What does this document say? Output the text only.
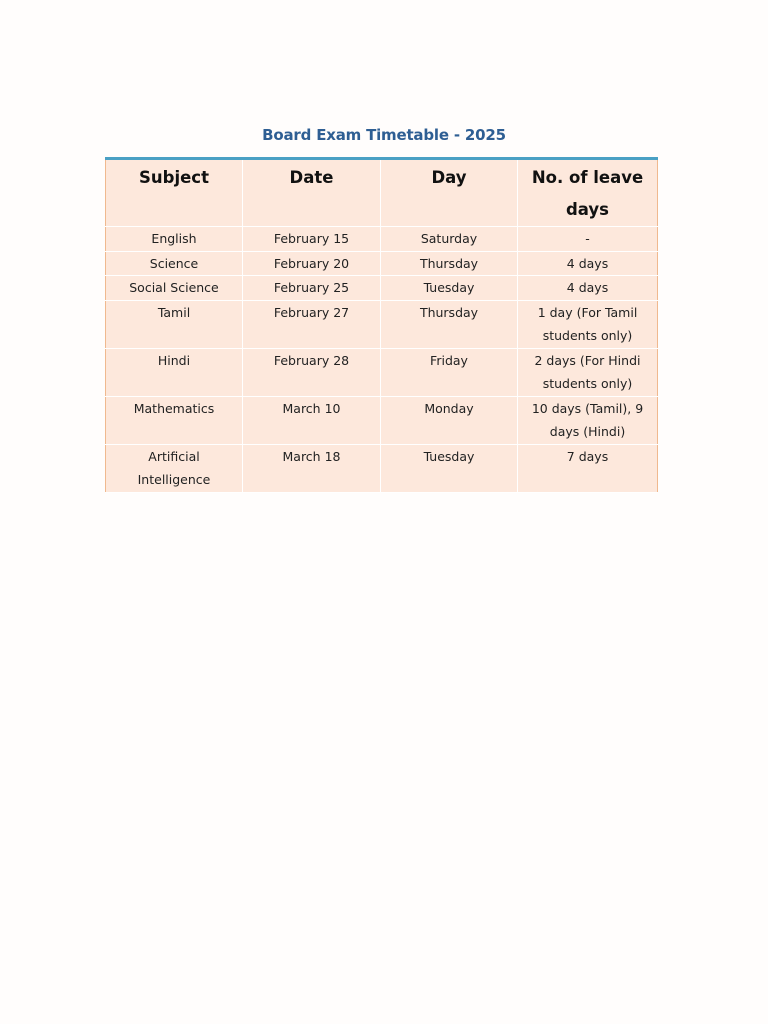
Board Exam Timetable - 2025
Subject	Date	Day	No. of leave days
English	February 15	Saturday	-
Science	February 20	Thursday	4 days
Social Science	February 25	Tuesday	4 days
Tamil	February 27	Thursday	1 day (For Tamil students only)
Hindi	February 28	Friday	2 days (For Hindi students only)
Mathematics	March 10	Monday	10 days (Tamil), 9 days (Hindi)
Artificial Intelligence	March 18	Tuesday	7 days
